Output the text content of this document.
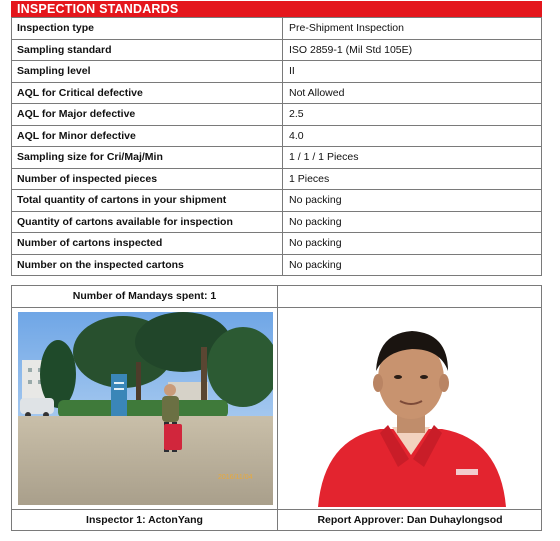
INSPECTION STANDARDS
Inspection type	Pre-Shipment Inspection
Sampling standard	ISO 2859-1 (Mil Std 105E)
Sampling level	II
AQL for Critical defective	Not Allowed
AQL for Major defective	2.5
AQL for Minor defective	4.0
Sampling size for Cri/Maj/Min	1 / 1 / 1 Pieces
Number of inspected pieces	1 Pieces
Total quantity of cartons in your shipment	No packing
Quantity of cartons available for inspection	No packing
Number of cartons inspected	No packing
Number on the inspected cartons	No packing
Number of Mandays spent: 1
2016/11/04
Inspector 1: ActonYang	Report Approver: Dan Duhaylongsod
